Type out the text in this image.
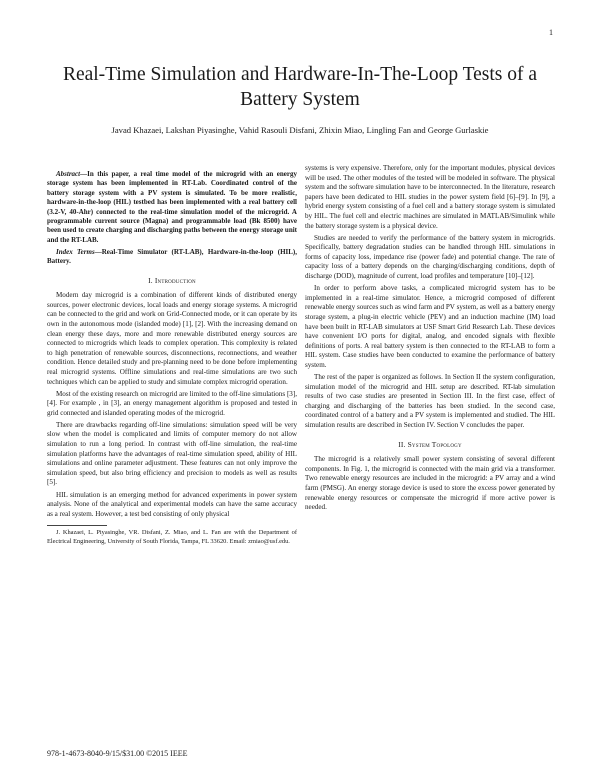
1
Real-Time Simulation and Hardware-In-The-Loop Tests of a Battery System
Javad Khazaei, Lakshan Piyasinghe, Vahid Rasouli Disfani, Zhixin Miao, Lingling Fan and George Gurlaskie

Abstract—In this paper, a real time model of the microgrid with an energy storage system has been implemented in RT-Lab. Coordinated control of the battery storage system with a PV system is simulated. To be more realistic, hardware-in-the-loop (HIL) testbed has been implemented with a real battery cell (3.2-V, 40-Ahr) connected to the real-time simulation model of the microgrid. A programmable current source (Magna) and programmable load (Bk 8500) have been used to create charging and discharging paths between the energy storage unit and the RT-LAB.

Index Terms—Real-Time Simulator (RT-LAB), Hardware-in-the-loop (HIL), Battery.

I. Introduction

Modern day microgrid is a combination of different kinds of distributed energy sources, power electronic devices, local loads and energy storage systems. A microgrid can be connected to the grid and work on Grid-Connected mode, or it can operate by its own in the autonomous mode (islanded mode) [1], [2]. With the increasing demand on clean energy these days, more and more renewable distributed energy sources are connected to microgrids which leads to complex operation. This complexity is related to high penetration of renewable sources, disconnections, reconnections, and weather condition. Hence detailed study and pre-planning need to be done before implementing real microgrid systems. Offline simulations and real-time simulations are two such techniques which can be applied to study and simulate complex microgrid operation.

Most of the existing research on microgrid are limited to the off-line simulations [3], [4]. For example , in [3], an energy management algorithm is proposed and tested in grid connected and islanded operating modes of the microgrid.

There are drawbacks regarding off-line simulations: simulation speed will be very slow when the model is complicated and limits of computer memory do not allow simulation to run a long period. In contrast with off-line simulation, the real-time simulation platforms have the advantages of real-time simulation speed, ability of HIL simulations and online parameter adjustment. These features can not only improve the simulation speed, but also bring efficiency and precision to models as well as results [5].

HIL simulation is an emerging method for advanced experiments in power system analysis. None of the analytical and experimental models can have the same accuracy as a real system. However, a test bed consisting of only physical

J. Khazaei, L. Piyasinghe, VR. Disfani, Z. Miao, and L. Fan are with the Department of Electrical Engineering, University of South Florida, Tampa, FL 33620. Email: zmiao@usf.edu.

systems is very expensive. Therefore, only for the important modules, physical devices will be used. The other modules of the tested will be modeled in software. The physical system and the software simulation have to be interconnected. In the literature, research papers have been dedicated to HIL studies in the power system field [6]–[9]. In [9], a hybrid energy system consisting of a fuel cell and a battery storage system is simulated by HIL. The fuel cell and electric machines are simulated in MATLAB/Simulink while the battery storage system is a physical device.

Studies are needed to verify the performance of the battery system in microgrids. Specifically, battery degradation studies can be handled through HIL simulations in forms of capacity loss, impedance rise (power fade) and potential change. The rate of capacity loss of a battery depends on the charging/discharging conditions, depth of discharge (DOD), magnitude of current, load profiles and temperature [10]–[12].

In order to perform above tasks, a complicated microgrid system has to be implemented in a real-time simulator. Hence, a microgrid composed of different renewable energy sources such as wind farm and PV system, as well as a battery energy storage system, a plug-in electric vehicle (PEV) and an induction machine (IM) load have been built in RT-LAB simulators at USF Smart Grid Research Lab. These devices have convenient I/O ports for digital, analog, and encoded signals with flexible definitions of ports. A real battery system is then connected to the RT-LAB to form a HIL system. Case studies have been conducted to examine the performance of battery system.

The rest of the paper is organized as follows. In Section II the system configuration, simulation model of the microgrid and HIL setup are described. RT-lab simulation results of two case studies are presented in Section III. In the first case, effect of charging and discharging of the batteries has been studied. In the second case, coordinated control of a battery and a PV system is implemented and studied. The HIL simulation results are described in Section IV. Section V concludes the paper.

II. System Topology

The microgrid is a relatively small power system consisting of several different components. In Fig. 1, the microgrid is connected with the main grid via a transformer. Two renewable energy resources are included in the microgrid: a PV array and a wind farm (PMSG). An energy storage device is used to store the excess power generated by renewable energy resources or compensate the microgrid if more active power is needed.

978-1-4673-8040-9/15/$31.00 ©2015 IEEE
